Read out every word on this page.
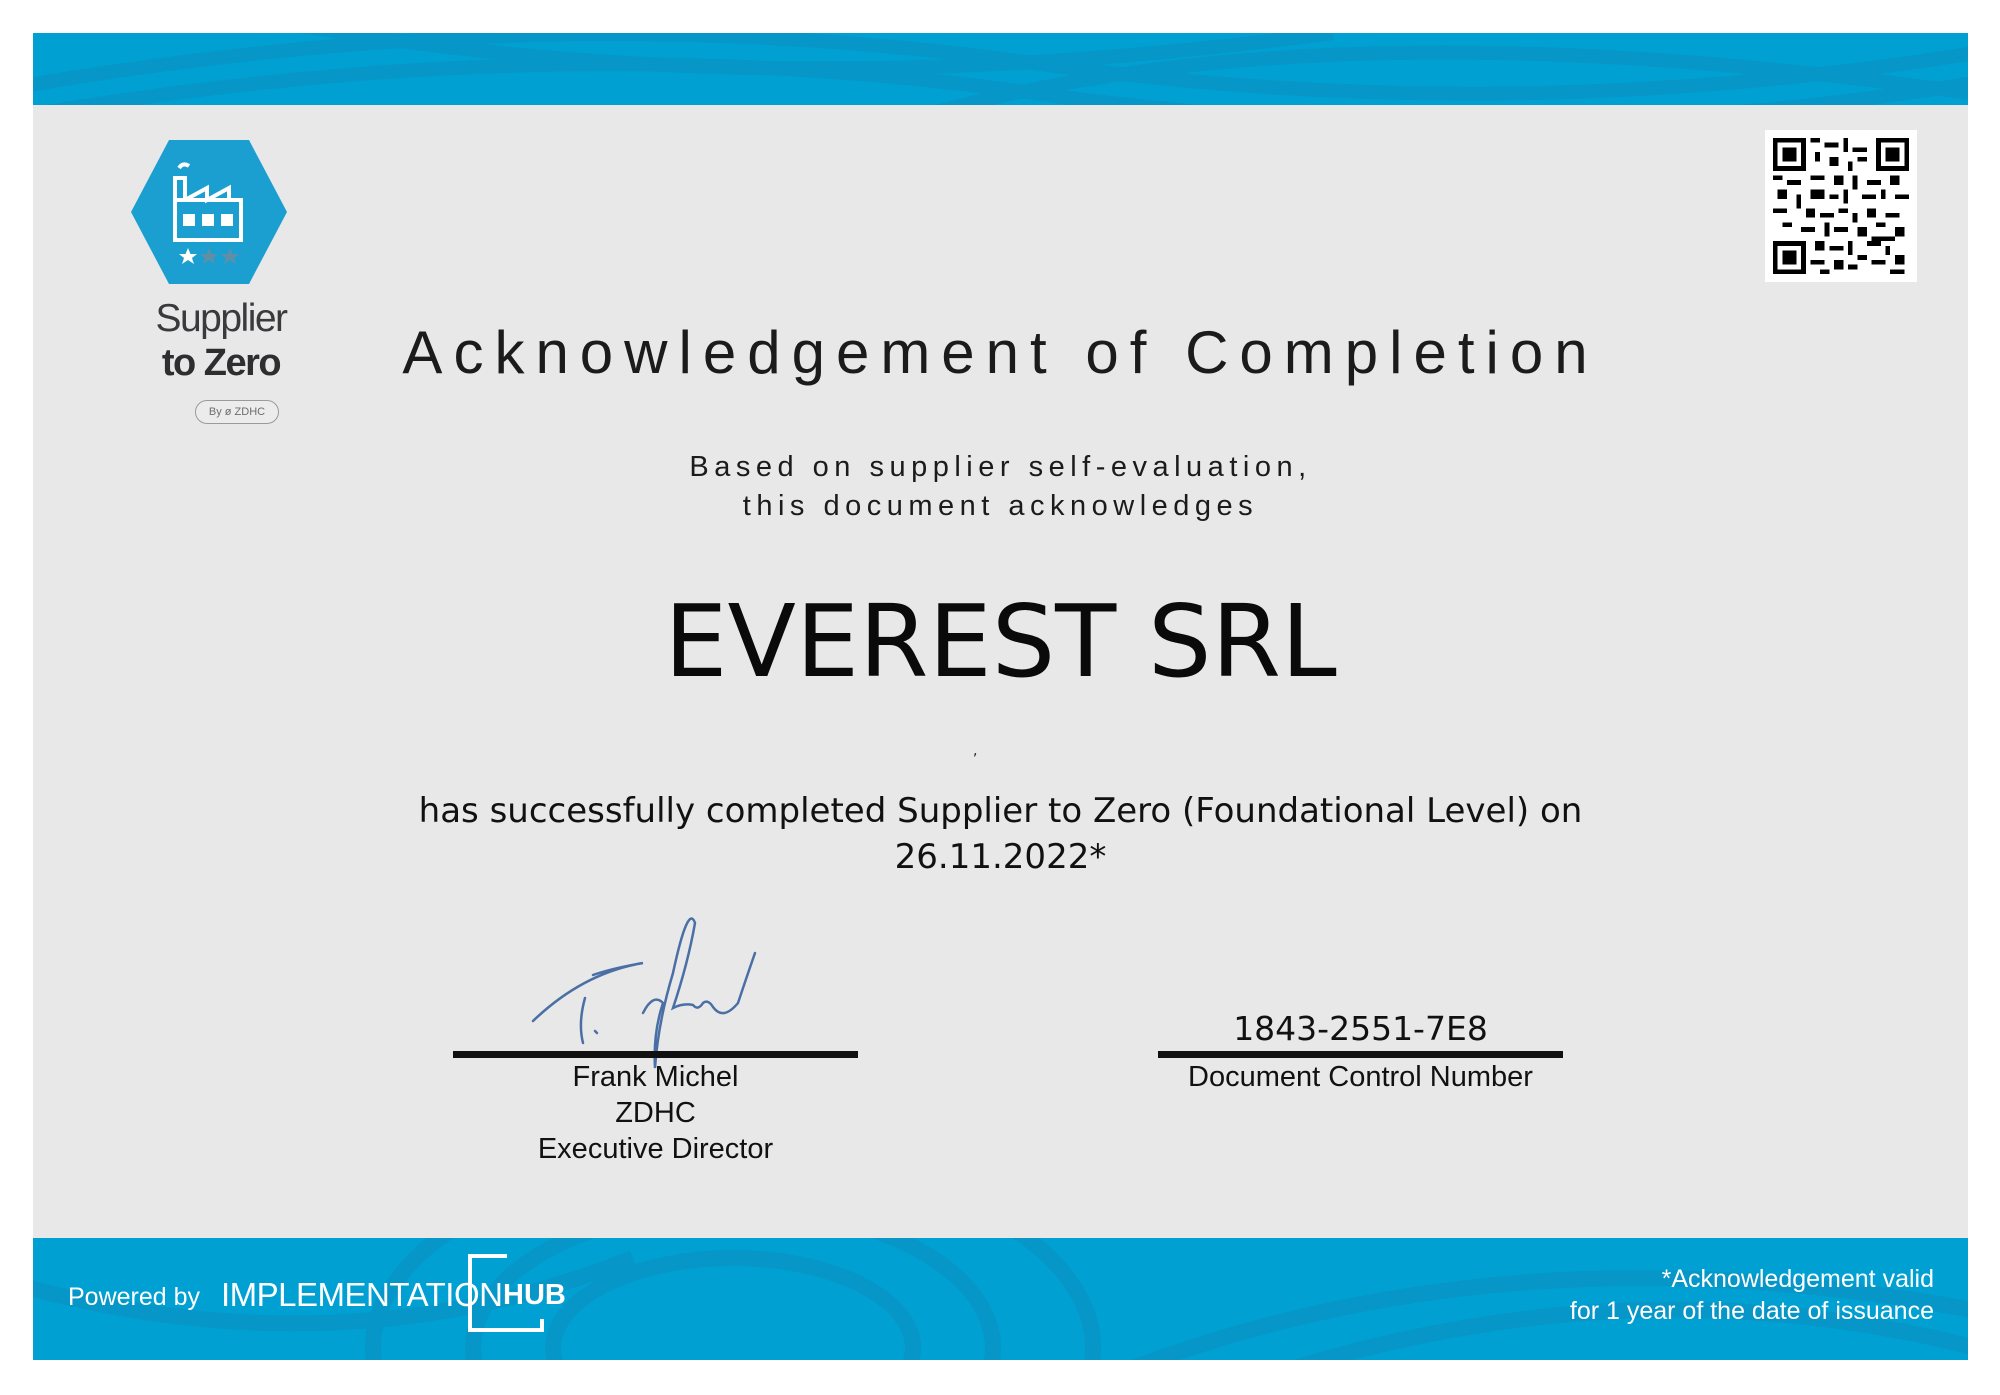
Supplier
to Zero
By ø ZDHC
Acknowledgement of Completion
Based on supplier self-evaluation,
this document acknowledges
EVEREST SRL
,
has successfully completed Supplier to Zero (Foundational Level) on
26.11.2022*
Frank Michel
ZDHC
Executive Director
1843-2551-7E8
Document Control Number
Powered by IMPLEMENTATION HUB	*Acknowledgement valid
for 1 year of the date of issuance
